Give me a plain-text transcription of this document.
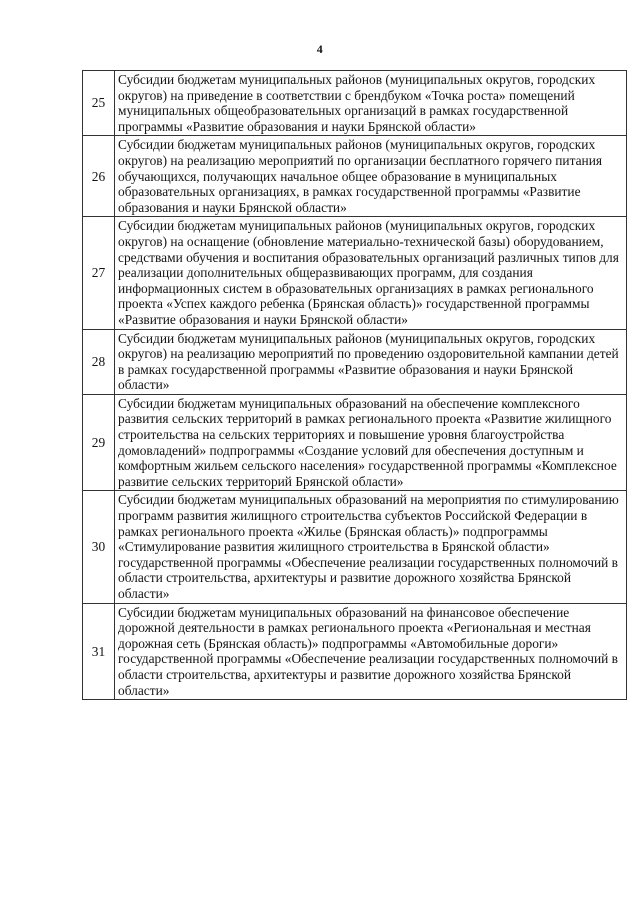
4
25	Субсидии бюджетам муниципальных районов (муниципальных округов, городских округов) на приведение в соответствии с брендбуком «Точка роста» помещений муниципальных общеобразовательных организаций в рамках государственной программы «Развитие образования и науки Брянской области»
26	Субсидии бюджетам муниципальных районов (муниципальных округов, городских округов) на реализацию мероприятий по организации бесплатного горячего питания обучающихся, получающих начальное общее образование в муниципальных образовательных организациях, в рамках государственной программы «Развитие образования и науки Брянской области»
27	Субсидии бюджетам муниципальных районов (муниципальных округов, городских округов) на оснащение (обновление материально-технической базы) оборудованием, средствами обучения и воспитания образовательных организаций различных типов для реализации дополнительных общеразвивающих программ, для создания информационных систем в образовательных организациях в рамках регионального проекта «Успех каждого ребенка (Брянская область)» государственной программы «Развитие образования и науки Брянской области»
28	Субсидии бюджетам муниципальных районов (муниципальных округов, городских округов) на реализацию мероприятий по проведению оздоровительной кампании детей в рамках государственной программы «Развитие образования и науки Брянской области»
29	Субсидии бюджетам муниципальных образований на обеспечение комплексного развития сельских территорий в рамках регионального проекта «Развитие жилищного строительства на сельских территориях и повышение уровня благоустройства домовладений» подпрограммы «Создание условий для обеспечения доступным и комфортным жильем сельского населения» государственной программы «Комплексное развитие сельских территорий Брянской области»
30	Субсидии бюджетам муниципальных образований на мероприятия по стимулированию программ развития жилищного строительства субъектов Российской Федерации в рамках регионального проекта «Жилье (Брянская область)» подпрограммы «Стимулирование развития жилищного строительства в Брянской области» государственной программы «Обеспечение реализации государственных полномочий в области строительства, архитектуры и развитие дорожного хозяйства Брянской области»
31	Субсидии бюджетам муниципальных образований на финансовое обеспечение дорожной деятельности в рамках регионального проекта «Региональная и местная дорожная сеть (Брянская область)» подпрограммы «Автомобильные дороги» государственной программы «Обеспечение реализации государственных полномочий в области строительства, архитектуры и развитие дорожного хозяйства Брянской области»
